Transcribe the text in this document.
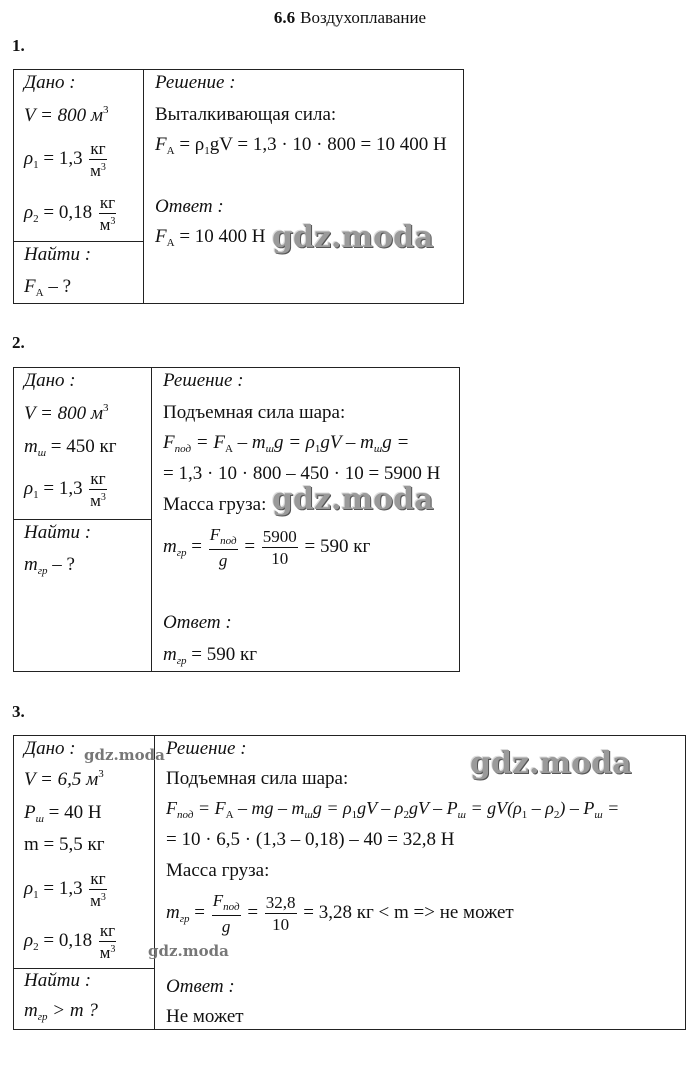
6.6 Воздухоплавание
1.
Дано :
V = 800 $м^3$
$\rho_1 = 1,3 \frac{кг}{м^3}$
$\rho_2 = 0,18 \frac{кг}{м^3}$
Найти :
$F_A$ – ?
Решение :
Выталкивающая сила:
$F_A = \rho_1gV = 1,3 \cdot 10 \cdot 800 = 10$ 400 Н
Ответ :
$F_A = 10$ 400 Н gdz.moda
2.
Дано :
V = 800 $м^3$
$m_ш = 450$ кг
$\rho_1 = 1,3 \frac{кг}{м^3}$
Найти :
$m_{гр}$ – ?
Решение :
Подъемная сила шара:
$F_{под} = F_A - m_шg = \rho_1gV - m_шg$ =
= 1,3 · 10 · 800 – 450 · 10 = 5900 Н
Масса груза:
$m_{гр} = \frac{F_{под}}{g} = \frac{5900}{10} = 590$ кг
Ответ :
$m_{гр} = 590$ кг
gdz.moda
3.
Дано :
V = 6,5 $м^3$
$P_ш = 40$ Н
m = 5,5 кг
$\rho_1 = 1,3 \frac{кг}{м^3}$
$\rho_2 = 0,18 \frac{кг}{м^3}$
Найти :
$m_{гр} > m$ ?
Решение :
Подъемная сила шара:
$F_{под} = F_A$ – mg – $m_шg = \rho_1gV - \rho_2gV - P_ш = gV(\rho_1 - \rho_2) - P_ш$ =
= 10 · 6,5 · (1,3 – 0,18) – 40 = 32,8 Н
Масса груза:
$m_{гр} = \frac{F_{под}}{g} = \frac{32,8}{10} = 3,28$ кг < m => не может
Ответ :
Не может
gdz.moda	gdz.moda
gdz.moda
